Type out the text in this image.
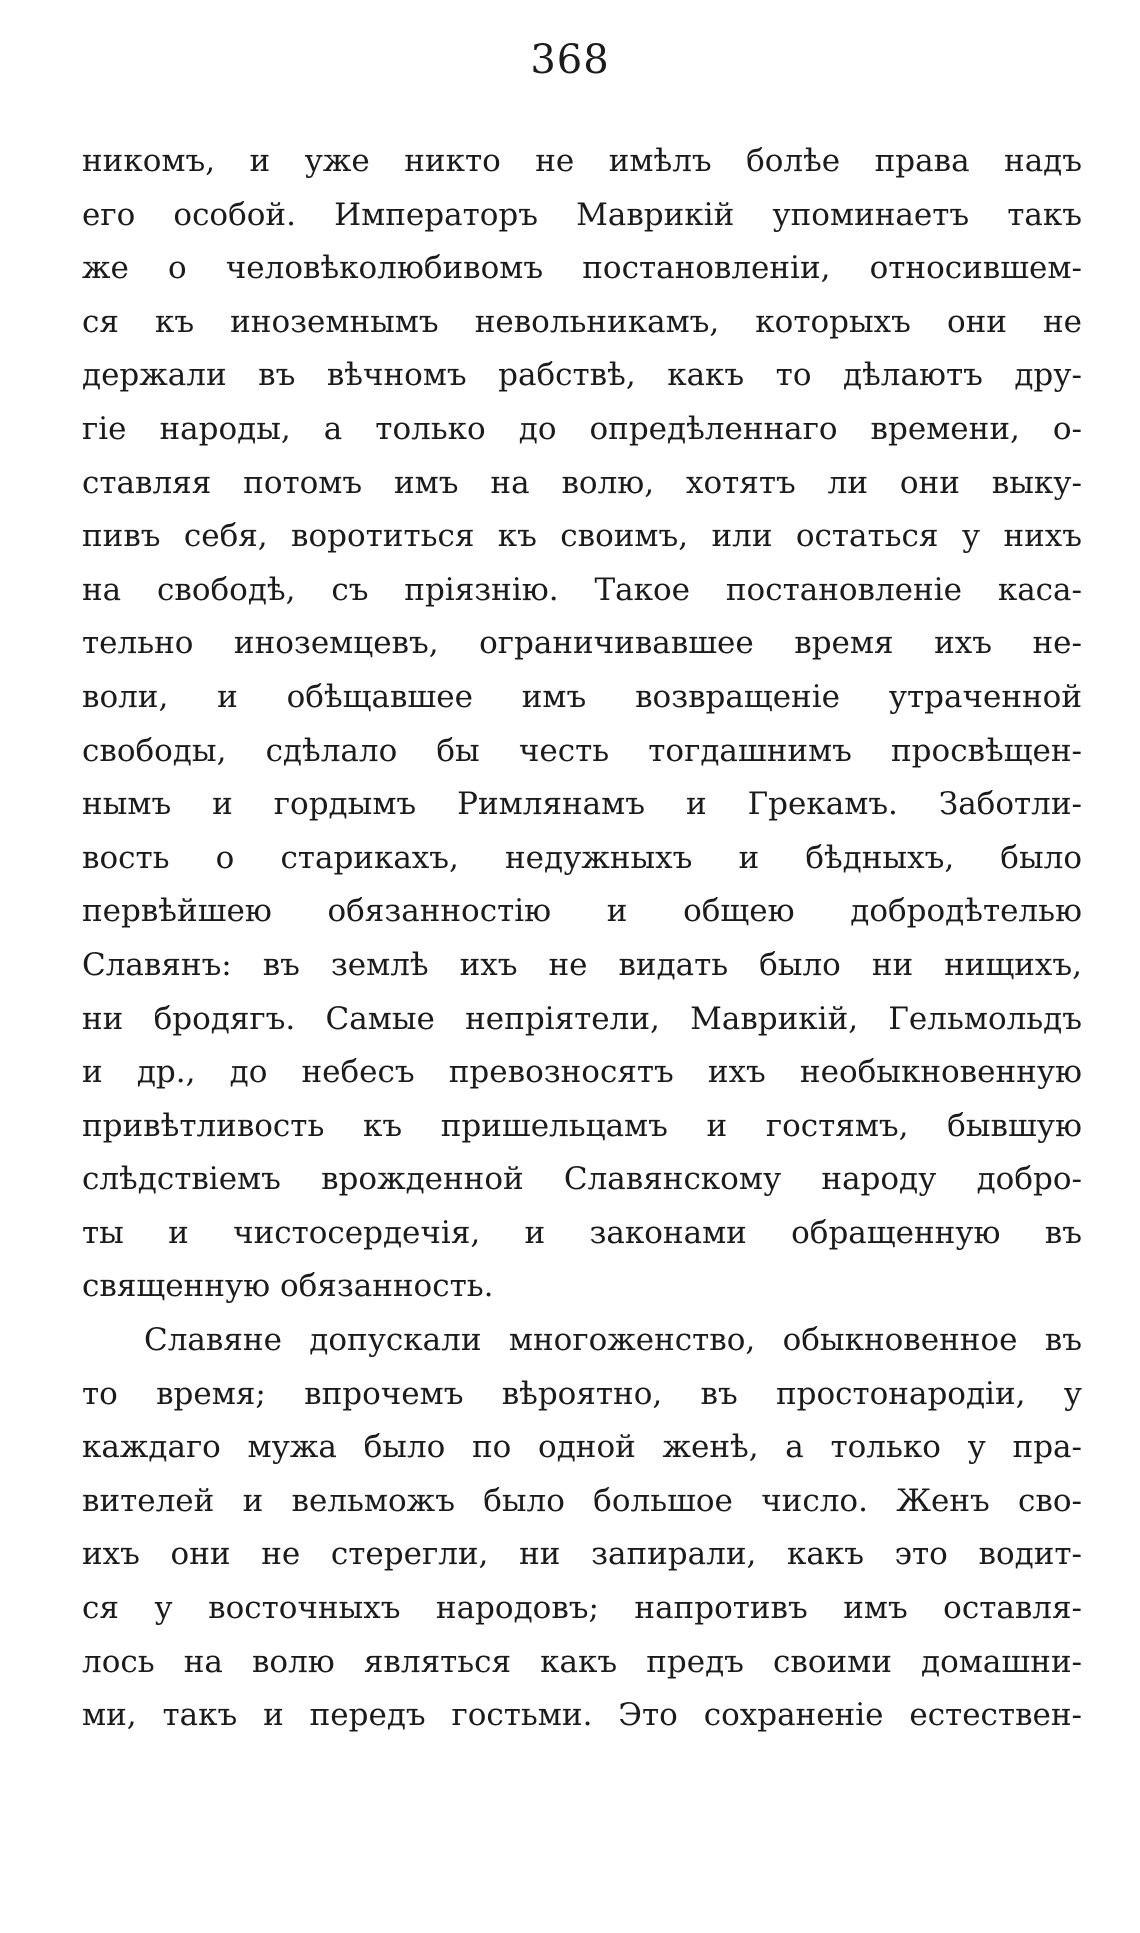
368
никомъ, и уже никто не имѣлъ болѣе права надъ
его особой. Императоръ Маврикій упоминаетъ такъ
же о человѣколюбивомъ постановленіи, относившем-
ся къ иноземнымъ невольникамъ, которыхъ они не
держали въ вѣчномъ рабствѣ, какъ то дѣлаютъ дру-
гіе народы, а только до опредѣленнаго времени, о-
ставляя потомъ имъ на волю, хотятъ ли они выку-
пивъ себя, воротиться къ своимъ, или остаться у нихъ
на свободѣ, съ пріязнію. Такое постановленіе каса-
тельно иноземцевъ, ограничивавшее время ихъ не-
воли, и обѣщавшее имъ возвращеніе утраченной
свободы, сдѣлало бы честь тогдашнимъ просвѣщен-
нымъ и гордымъ Римлянамъ и Грекамъ. Заботли-
вость о старикахъ, недужныхъ и бѣдныхъ, было
первѣйшею обязанностію и общею добродѣтелью
Славянъ: въ землѣ ихъ не видать было ни нищихъ,
ни бродягъ. Самые непріятели, Маврикій, Гельмольдъ
и др., до небесъ превозносятъ ихъ необыкновенную
привѣтливость къ пришельцамъ и гостямъ, бывшую
слѣдствіемъ врожденной Славянскому народу добро-
ты и чистосердечія, и законами обращенную въ
священную обязанность.
Славяне допускали многоженство, обыкновенное въ
то время; впрочемъ вѣроятно, въ простонародіи, у
каждаго мужа было по одной женѣ, а только у пра-
вителей и вельможъ было большое число. Женъ сво-
ихъ они не стерегли, ни запирали, какъ это водит-
ся у восточныхъ народовъ; напротивъ имъ оставля-
лось на волю являться какъ предъ своими домашни-
ми, такъ и передъ гостьми. Это сохраненіе естествен-
